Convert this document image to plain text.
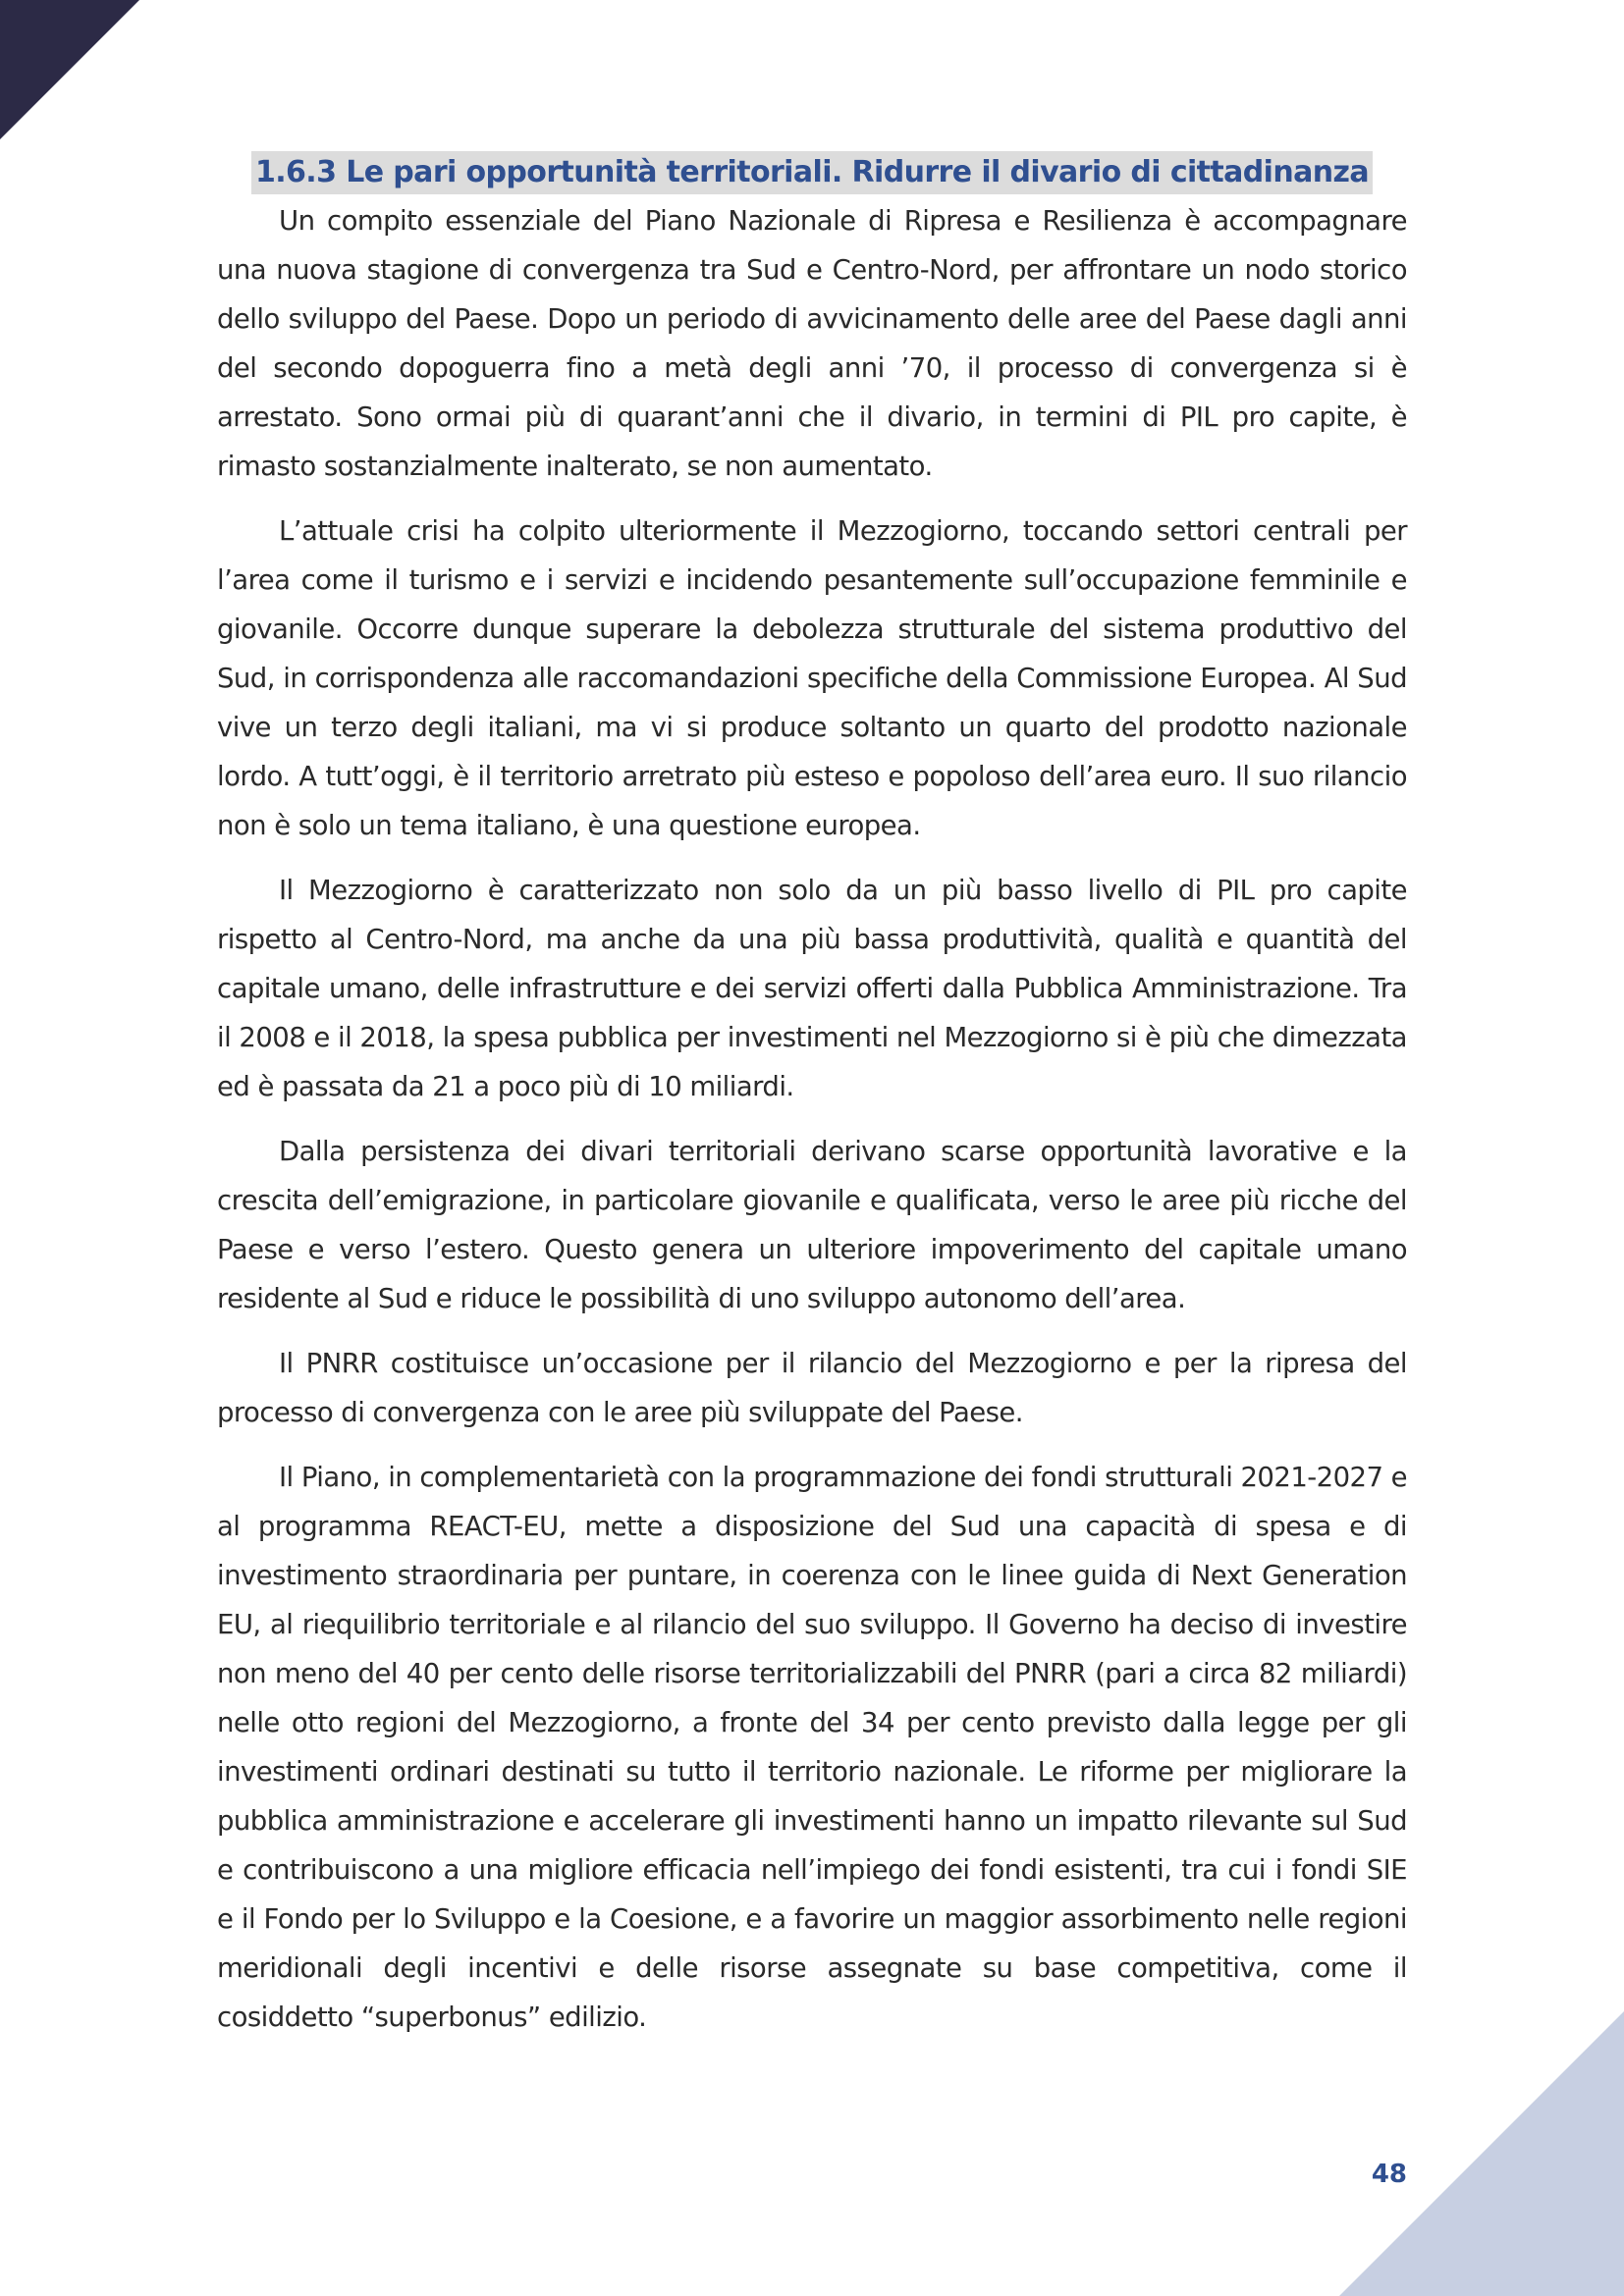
1.6.3 Le pari opportunità territoriali. Ridurre il divario di cittadinanza

Un compito essenziale del Piano Nazionale di Ripresa e Resilienza è accompagnare una nuova stagione di convergenza tra Sud e Centro-Nord, per affrontare un nodo storico dello sviluppo del Paese. Dopo un periodo di avvicinamento delle aree del Paese dagli anni del secondo dopoguerra fino a metà degli anni ’70, il processo di convergenza si è arrestato. Sono ormai più di quarant’anni che il divario, in termini di PIL pro capite, è rimasto sostanzialmente inalterato, se non aumentato.

L’attuale crisi ha colpito ulteriormente il Mezzogiorno, toccando settori centrali per l’area come il turismo e i servizi e incidendo pesantemente sull’occupazione femminile e giovanile. Occorre dunque superare la debolezza strutturale del sistema produttivo del Sud, in corrispondenza alle raccomandazioni specifiche della Commissione Europea. Al Sud vive un terzo degli italiani, ma vi si produce soltanto un quarto del prodotto nazionale lordo. A tutt’oggi, è il territorio arretrato più esteso e popoloso dell’area euro. Il suo rilancio non è solo un tema italiano, è una questione europea.

Il Mezzogiorno è caratterizzato non solo da un più basso livello di PIL pro capite rispetto al Centro-Nord, ma anche da una più bassa produttività, qualità e quantità del capitale umano, delle infrastrutture e dei servizi offerti dalla Pubblica Amministrazione. Tra il 2008 e il 2018, la spesa pubblica per investimenti nel Mezzogiorno si è più che dimezzata ed è passata da 21 a poco più di 10 miliardi.

Dalla persistenza dei divari territoriali derivano scarse opportunità lavorative e la crescita dell’emigrazione, in particolare giovanile e qualificata, verso le aree più ricche del Paese e verso l’estero. Questo genera un ulteriore impoverimento del capitale umano residente al Sud e riduce le possibilità di uno sviluppo autonomo dell’area.

Il PNRR costituisce un’occasione per il rilancio del Mezzogiorno e per la ripresa del processo di convergenza con le aree più sviluppate del Paese.

Il Piano, in complementarietà con la programmazione dei fondi strutturali 2021-2027 e al programma REACT-EU, mette a disposizione del Sud una capacità di spesa e di investimento straordinaria per puntare, in coerenza con le linee guida di Next Generation EU, al riequilibrio territoriale e al rilancio del suo sviluppo. Il Governo ha deciso di investire non meno del 40 per cento delle risorse territorializzabili del PNRR (pari a circa 82 miliardi) nelle otto regioni del Mezzogiorno, a fronte del 34 per cento previsto dalla legge per gli investimenti ordinari destinati su tutto il territorio nazionale. Le riforme per migliorare la pubblica amministrazione e accelerare gli investimenti hanno un impatto rilevante sul Sud e contribuiscono a una migliore efficacia nell’impiego dei fondi esistenti, tra cui i fondi SIE e il Fondo per lo Sviluppo e la Coesione, e a favorire un maggior assorbimento nelle regioni meridionali degli incentivi e delle risorse assegnate su base competitiva, come il cosiddetto “superbonus” edilizio.

48
